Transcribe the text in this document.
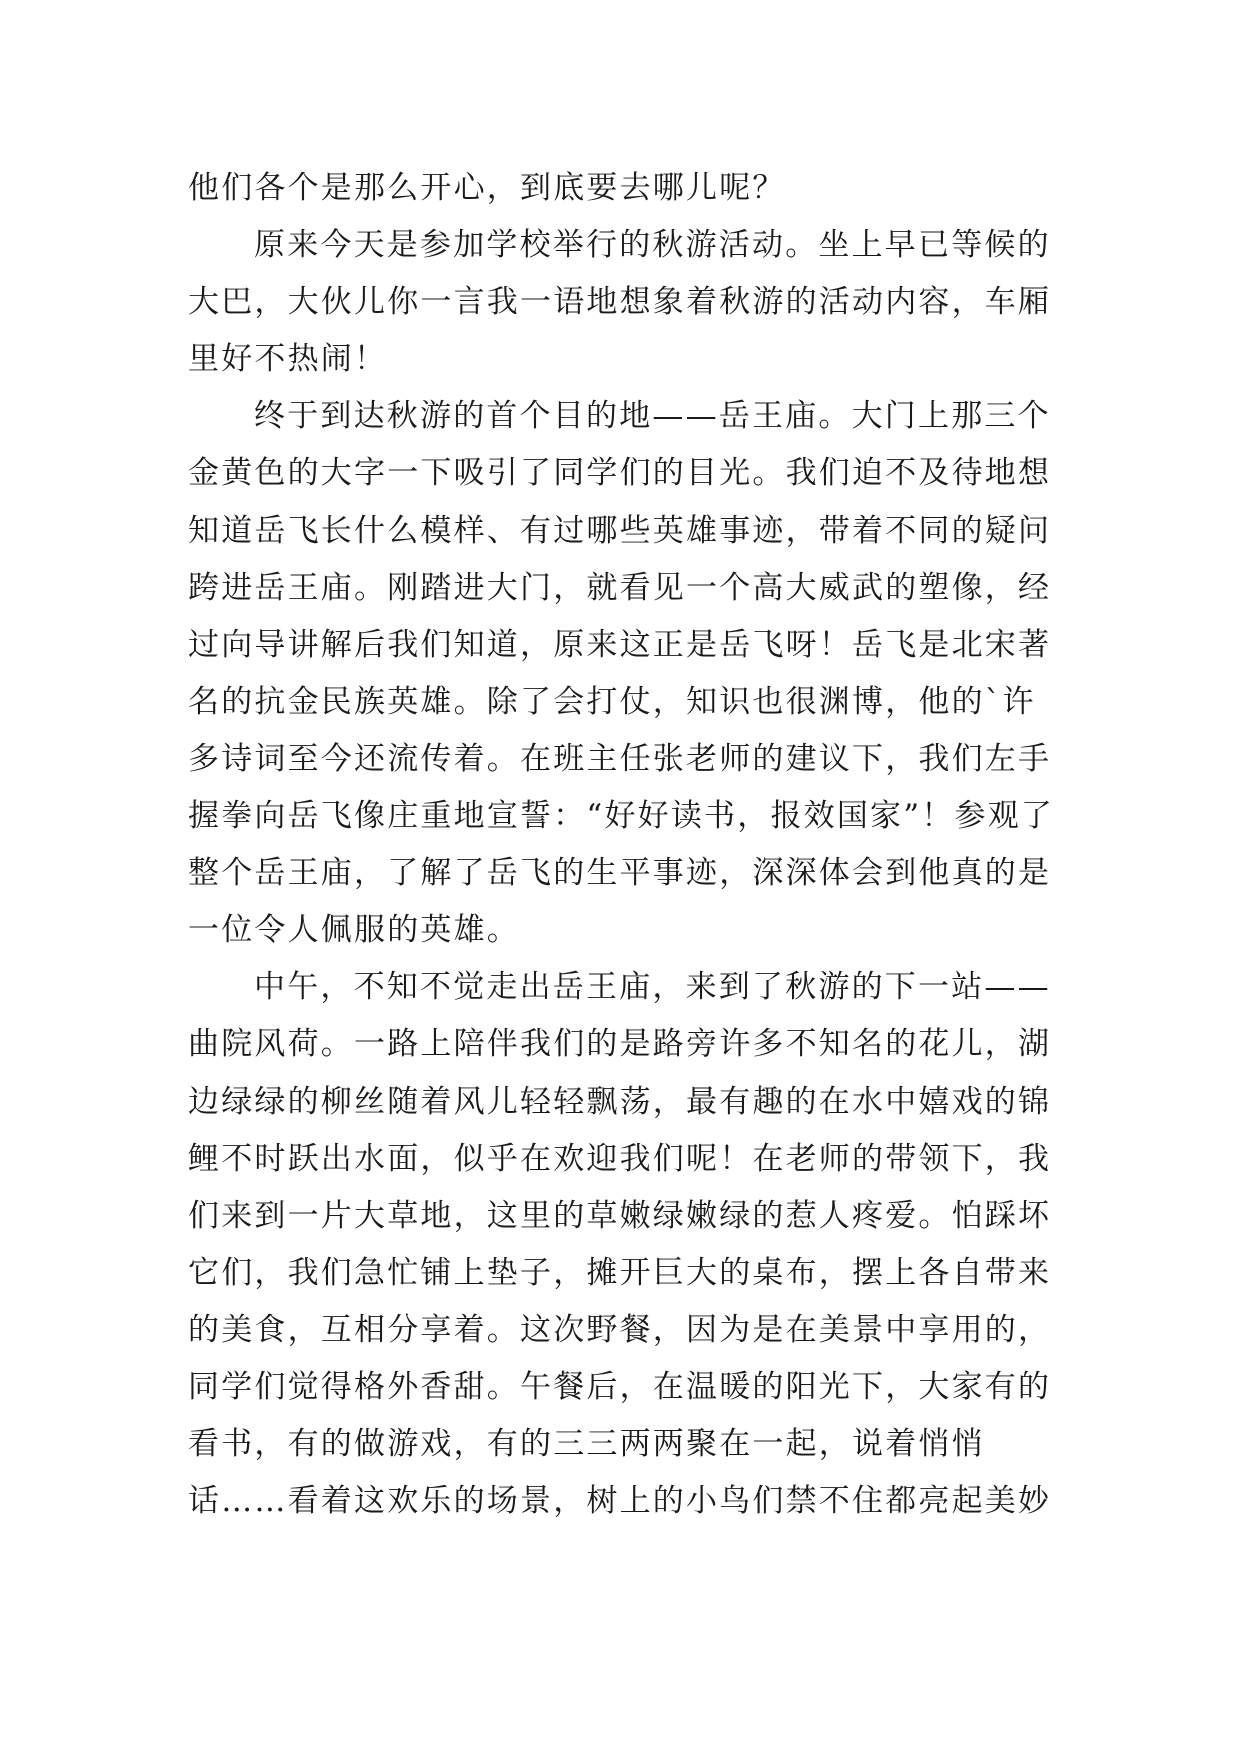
他们各个是那么开心，到底要去哪儿呢？
原来今天是参加学校举行的秋游活动。坐上早已等候的
大巴，大伙儿你一言我一语地想象着秋游的活动内容，车厢
里好不热闹！
终于到达秋游的首个目的地——岳王庙。大门上那三个
金黄色的大字一下吸引了同学们的目光。我们迫不及待地想
知道岳飞长什么模样、有过哪些英雄事迹，带着不同的疑问
跨进岳王庙。刚踏进大门，就看见一个高大威武的塑像，经
过向导讲解后我们知道，原来这正是岳飞呀！岳飞是北宋著
名的抗金民族英雄。除了会打仗，知识也很渊博，他的`许
多诗词至今还流传着。在班主任张老师的建议下，我们左手
握拳向岳飞像庄重地宣誓：“好好读书，报效国家”！参观了
整个岳王庙，了解了岳飞的生平事迹，深深体会到他真的是
一位令人佩服的英雄。
中午，不知不觉走出岳王庙，来到了秋游的下一站——
曲院风荷。一路上陪伴我们的是路旁许多不知名的花儿，湖
边绿绿的柳丝随着风儿轻轻飘荡，最有趣的在水中嬉戏的锦
鲤不时跃出水面，似乎在欢迎我们呢！在老师的带领下，我
们来到一片大草地，这里的草嫩绿嫩绿的惹人疼爱。怕踩坏
它们，我们急忙铺上垫子，摊开巨大的桌布，摆上各自带来
的美食，互相分享着。这次野餐，因为是在美景中享用的，
同学们觉得格外香甜。午餐后，在温暖的阳光下，大家有的
看书，有的做游戏，有的三三两两聚在一起，说着悄悄
话……看着这欢乐的场景，树上的小鸟们禁不住都亮起美妙
